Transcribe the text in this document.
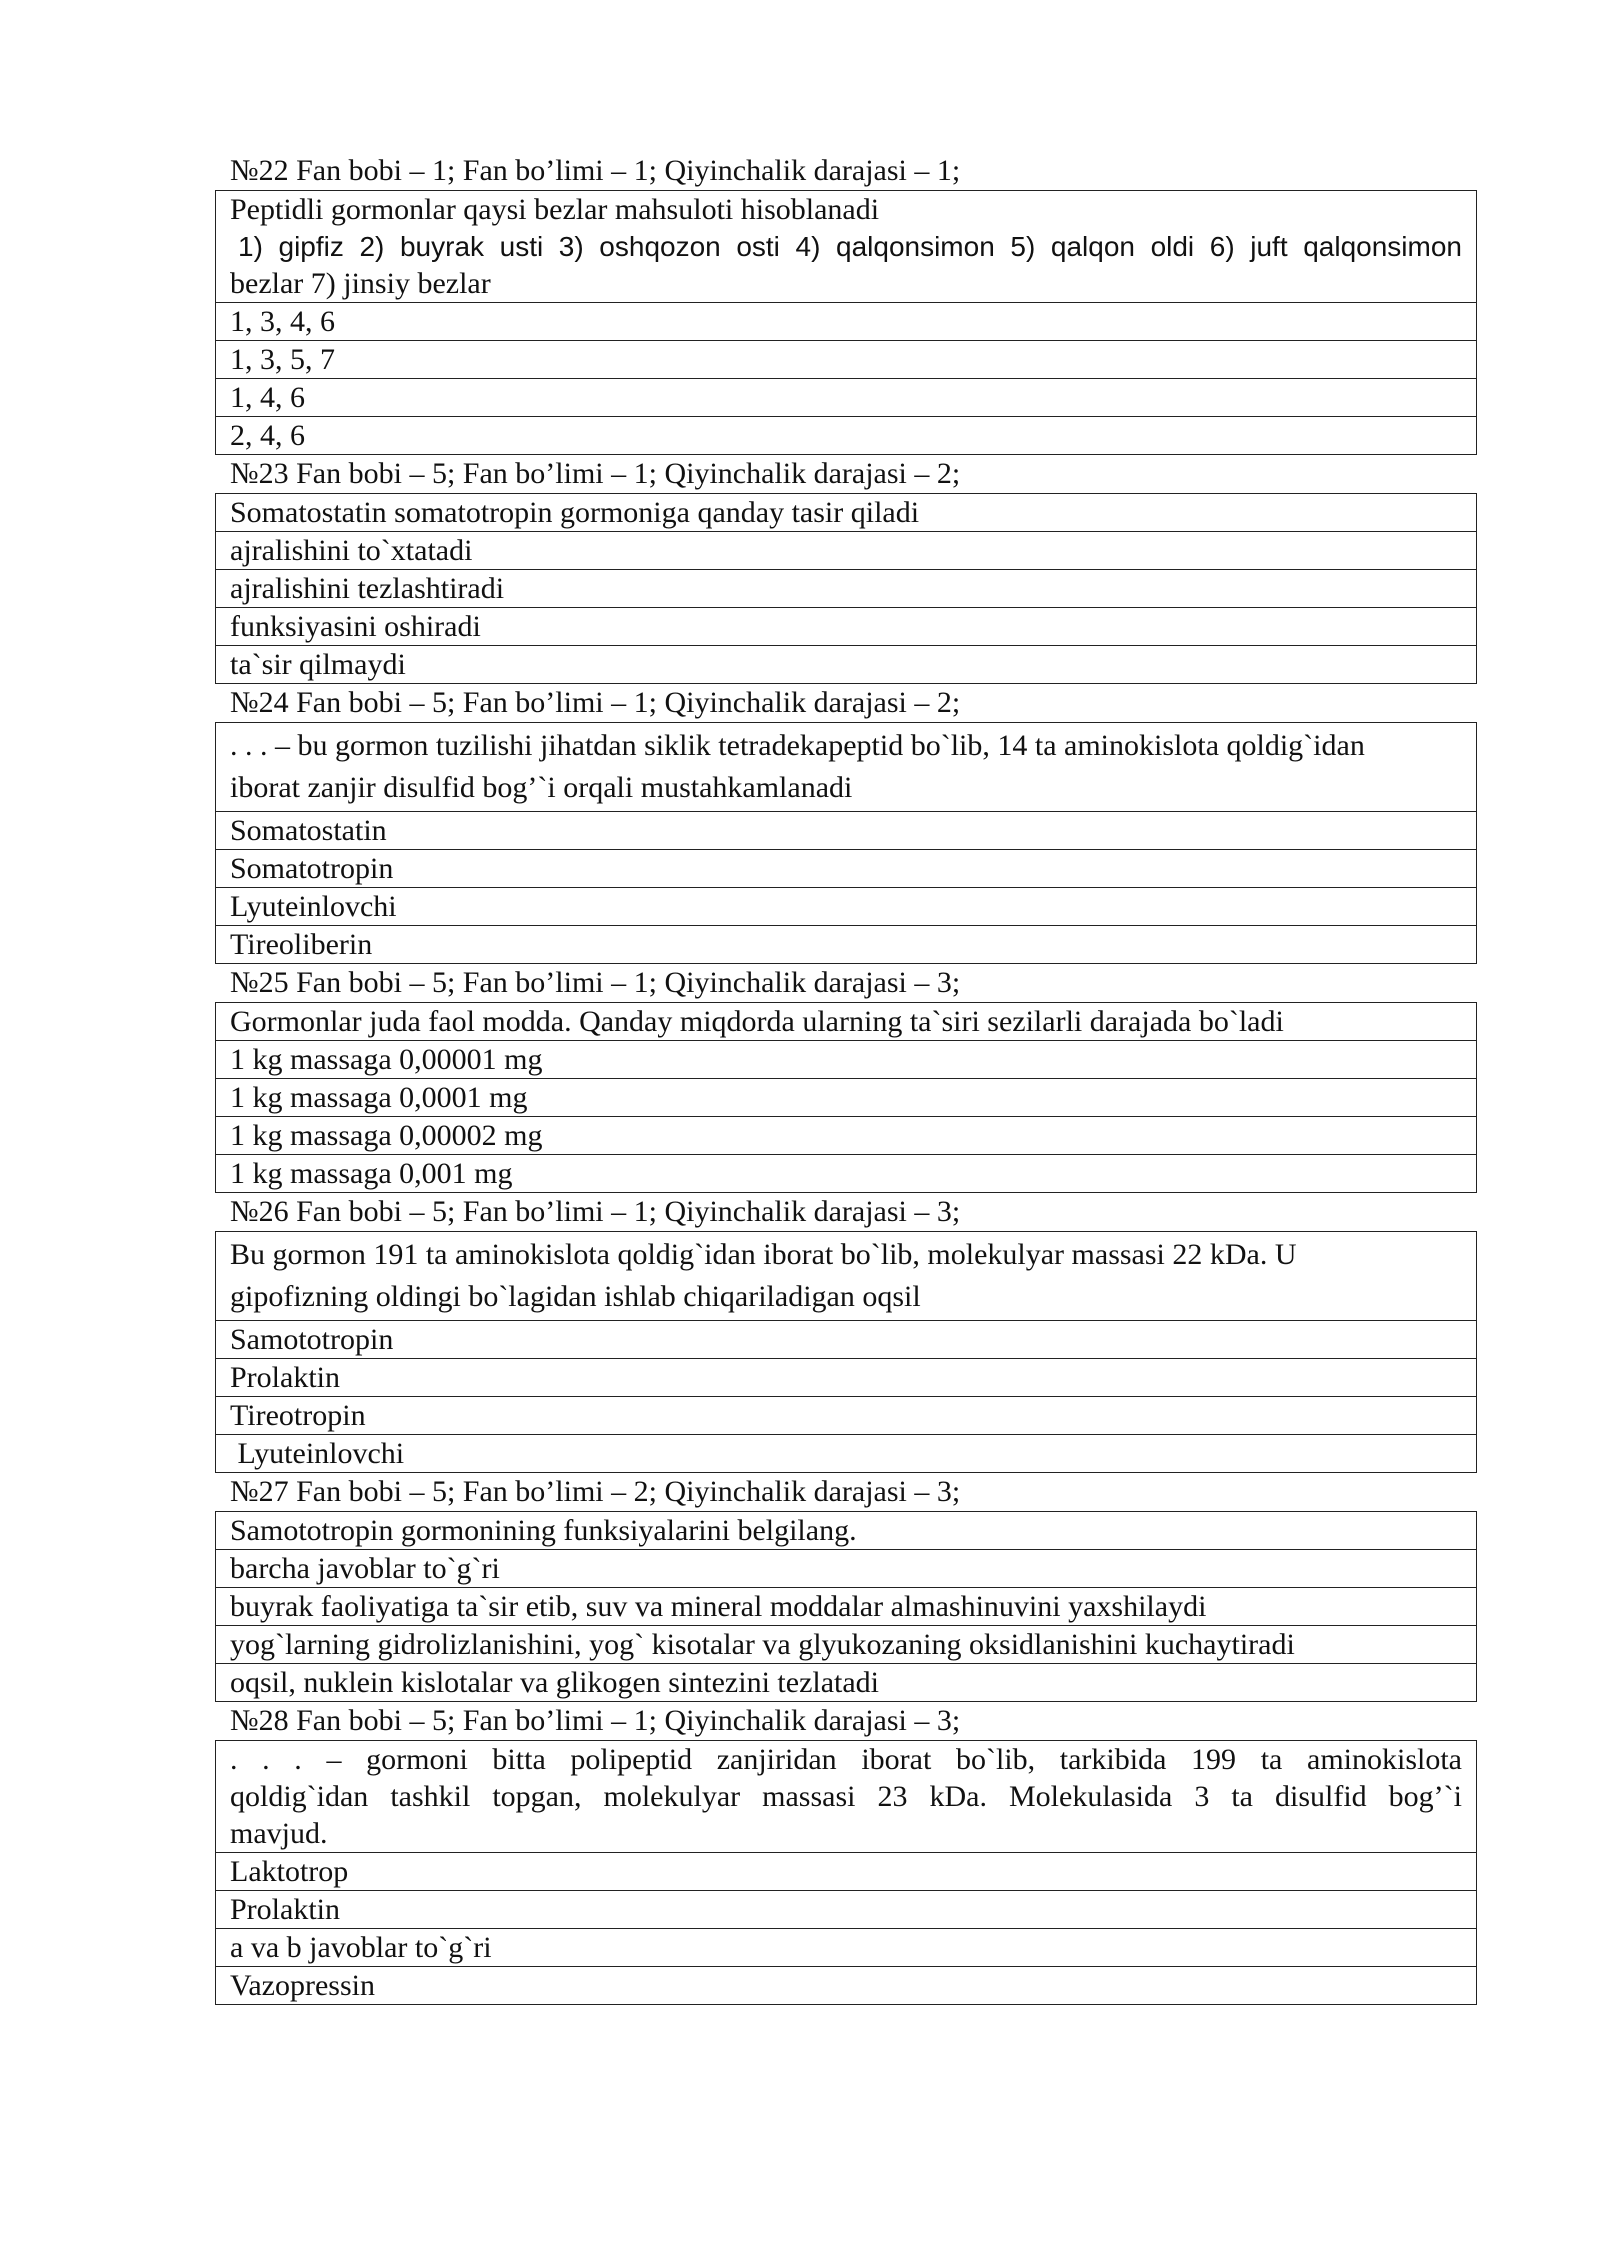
№22 Fan bobi – 1; Fan bo’limi – 1; Qiyinchalik darajasi – 1;
Peptidli gormonlar qaysi bezlar mahsuloti hisoblanadi
1) gipfiz 2) buyrak usti 3) oshqozon osti 4) qalqonsimon 5) qalqon oldi 6) juft qalqonsimon
bezlar 7) jinsiy bezlar

1, 3, 4, 6
1, 3, 5, 7
1, 4, 6
2, 4, 6
№23 Fan bobi – 5; Fan bo’limi – 1; Qiyinchalik darajasi – 2;
Somatostatin somatotropin gormoniga qanday tasir qiladi
ajralishini to`xtatadi
ajralishini tezlashtiradi
funksiyasini oshiradi
ta`sir qilmaydi
№24 Fan bobi – 5; Fan bo’limi – 1; Qiyinchalik darajasi – 2;
. . . – bu gormon tuzilishi jihatdan siklik tetradekapeptid bo`lib, 14 ta aminokislota qoldig`idan
iborat zanjir disulfid bog’`i orqali mustahkamlanadi

Somatostatin
Somatotropin
Lyuteinlovchi
Tireoliberin
№25 Fan bobi – 5; Fan bo’limi – 1; Qiyinchalik darajasi – 3;
Gormonlar juda faol modda. Qanday miqdorda ularning ta`siri sezilarli darajada bo`ladi
1 kg massaga 0,00001 mg
1 kg massaga 0,0001 mg
1 kg massaga 0,00002 mg
1 kg massaga 0,001 mg
№26 Fan bobi – 5; Fan bo’limi – 1; Qiyinchalik darajasi – 3;
Bu gormon 191 ta aminokislota qoldig`idan iborat bo`lib, molekulyar massasi 22 kDa. U
gipofizning oldingi bo`lagidan ishlab chiqariladigan oqsil

Samototropin
Prolaktin
Tireotropin
Lyuteinlovchi
№27 Fan bobi – 5; Fan bo’limi – 2; Qiyinchalik darajasi – 3;
Samototropin gormonining funksiyalarini belgilang.
barcha javoblar to`g`ri
buyrak faoliyatiga ta`sir etib, suv va mineral moddalar almashinuvini yaxshilaydi
yog`larning gidrolizlanishini, yog` kisotalar va glyukozaning oksidlanishini kuchaytiradi
oqsil, nuklein kislotalar va glikogen sintezini tezlatadi
№28 Fan bobi – 5; Fan bo’limi – 1; Qiyinchalik darajasi – 3;
. . . – gormoni bitta polipeptid zanjiridan iborat bo`lib, tarkibida 199 ta aminokislota
qoldig`idan tashkil topgan, molekulyar massasi 23 kDa. Molekulasida 3 ta disulfid bog’`i
mavjud.

Laktotrop
Prolaktin
a va b javoblar to`g`ri
Vazopressin
